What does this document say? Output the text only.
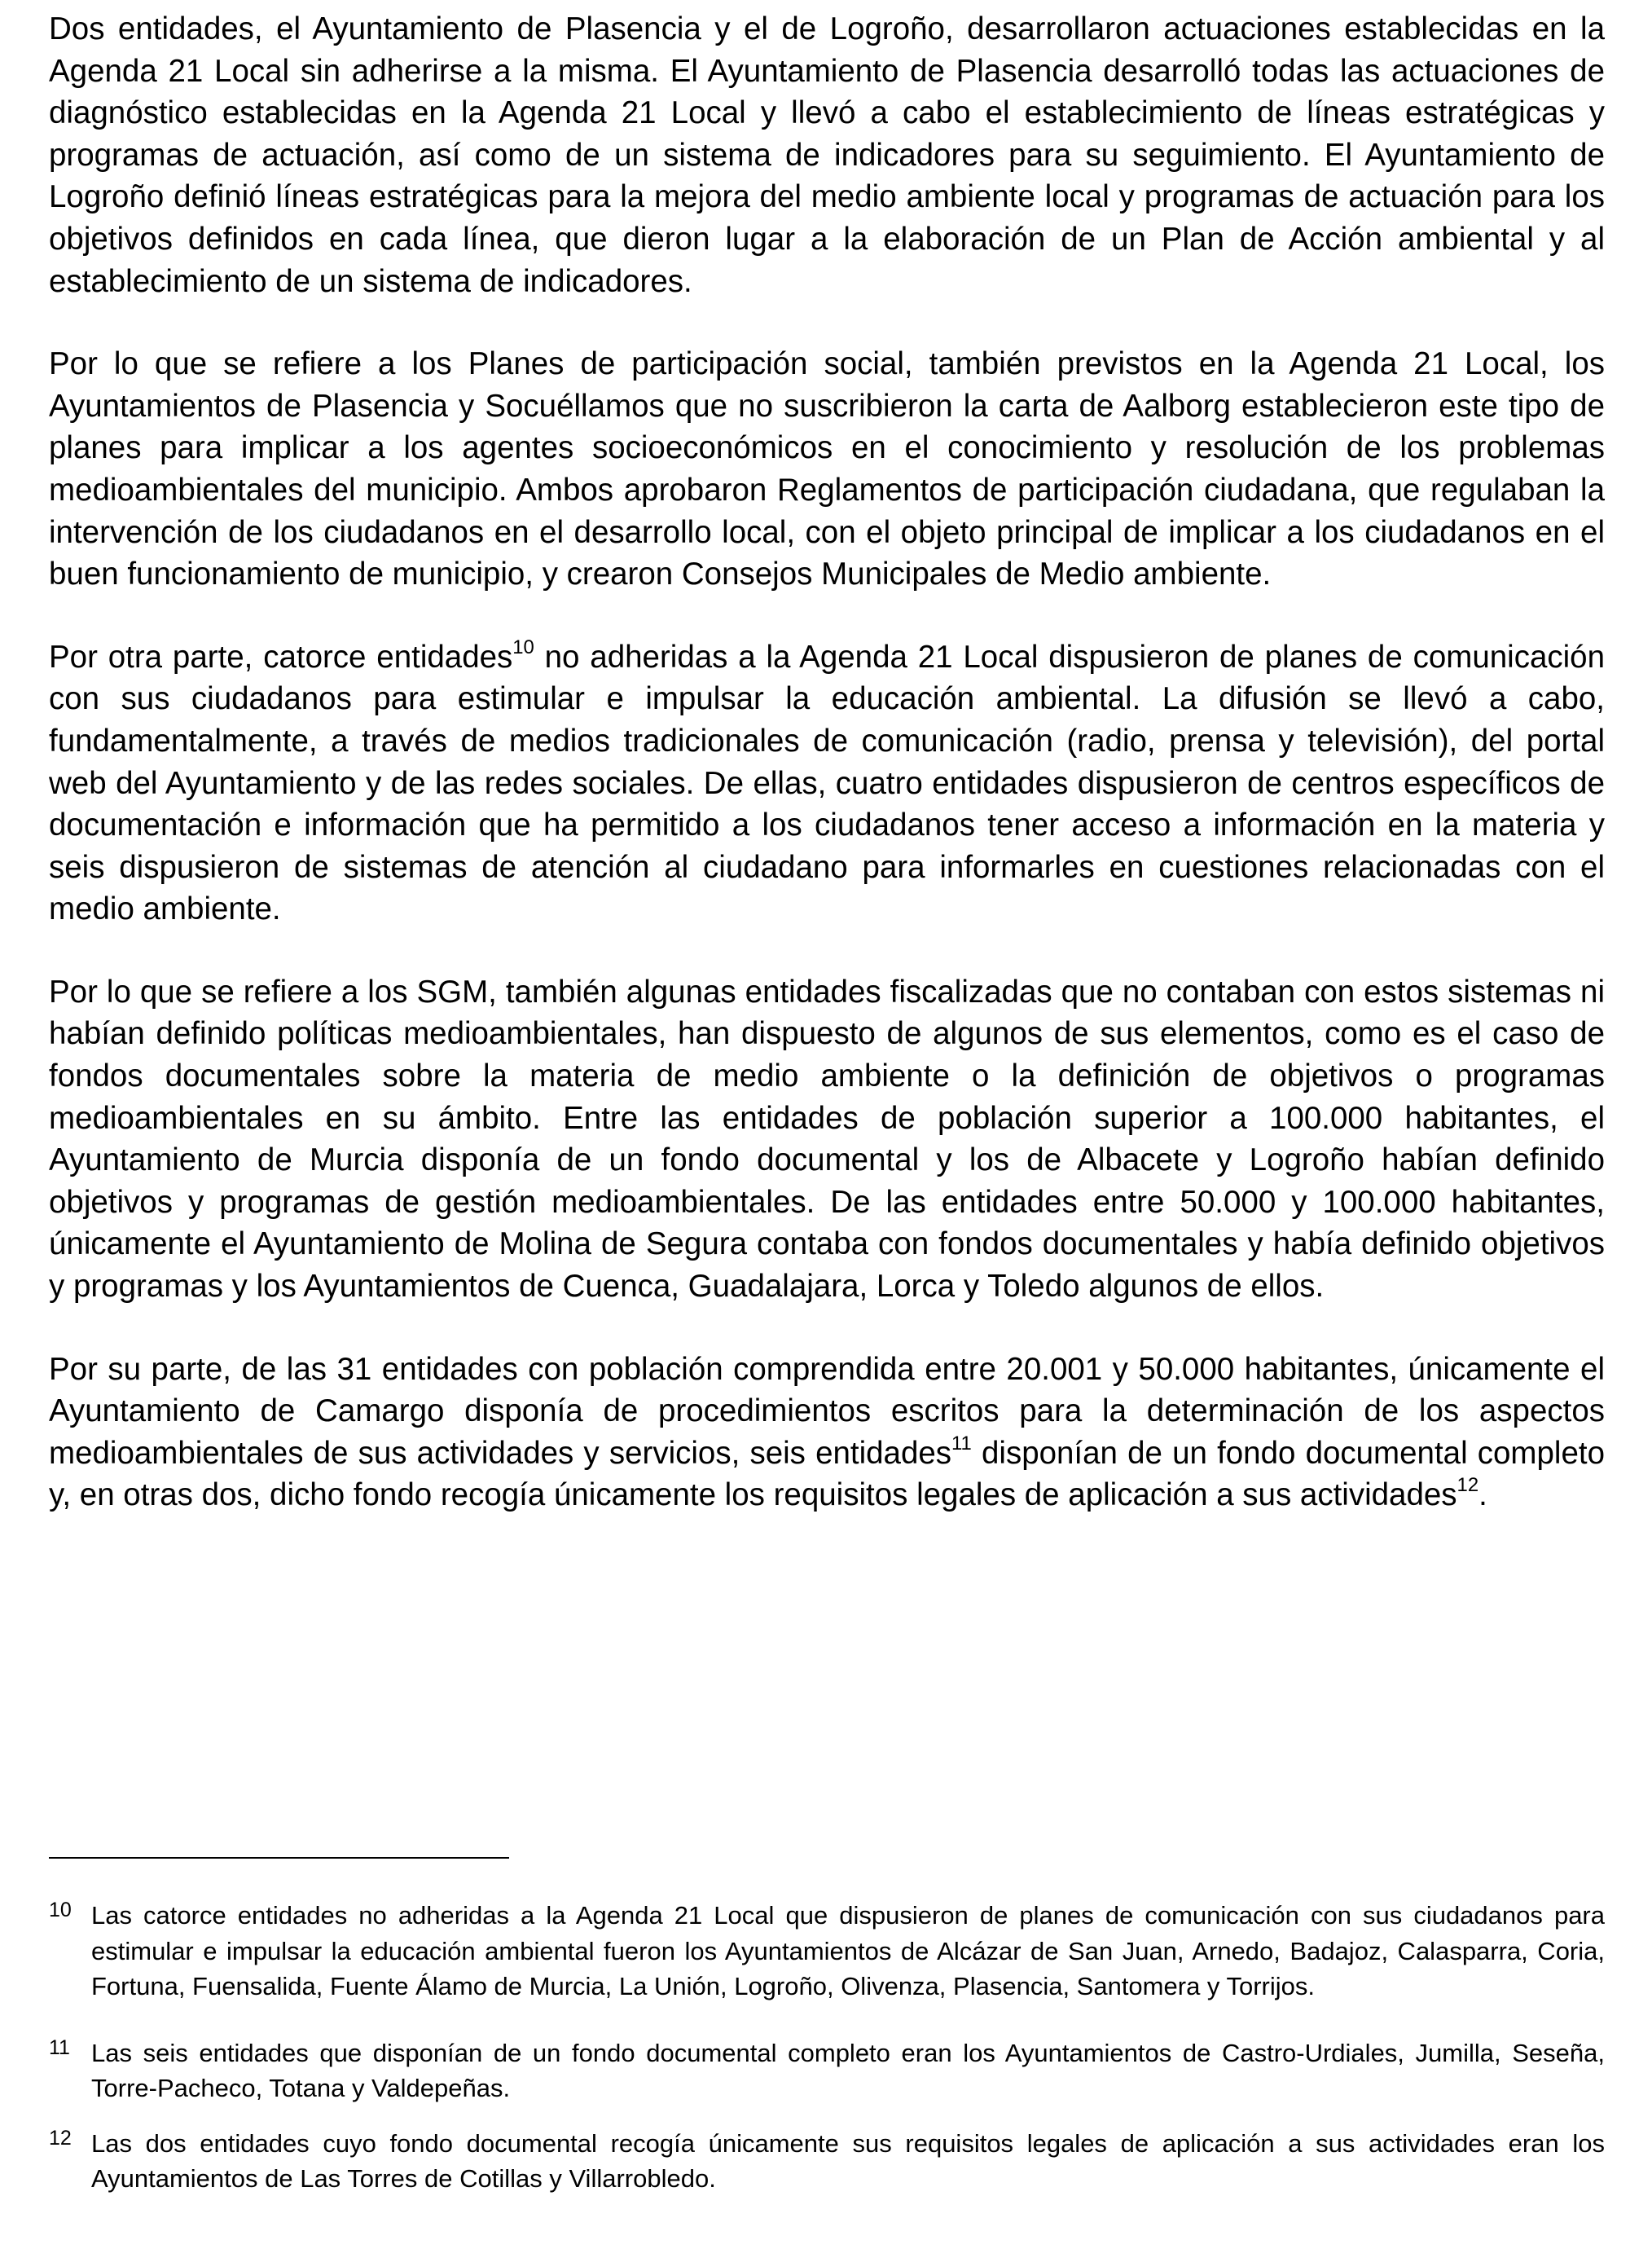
Dos entidades, el Ayuntamiento de Plasencia y el de Logroño, desarrollaron actuaciones establecidas en la Agenda 21 Local sin adherirse a la misma. El Ayuntamiento de Plasencia desarrolló todas las actuaciones de diagnóstico establecidas en la Agenda 21 Local y llevó a cabo el establecimiento de líneas estratégicas y programas de actuación, así como de un sistema de indicadores para su seguimiento. El Ayuntamiento de Logroño definió líneas estratégicas para la mejora del medio ambiente local y programas de actuación para los objetivos definidos en cada línea, que dieron lugar a la elaboración de un Plan de Acción ambiental y al establecimiento de un sistema de indicadores.

Por lo que se refiere a los Planes de participación social, también previstos en la Agenda 21 Local, los Ayuntamientos de Plasencia y Socuéllamos que no suscribieron la carta de Aalborg establecieron este tipo de planes para implicar a los agentes socioeconómicos en el conocimiento y resolución de los problemas medioambientales del municipio. Ambos aprobaron Reglamentos de participación ciudadana, que regulaban la intervención de los ciudadanos en el desarrollo local, con el objeto principal de implicar a los ciudadanos en el buen funcionamiento de municipio, y crearon Consejos Municipales de Medio ambiente.

Por otra parte, catorce entidades$^{10}$ no adheridas a la Agenda 21 Local dispusieron de planes de comunicación con sus ciudadanos para estimular e impulsar la educación ambiental. La difusión se llevó a cabo, fundamentalmente, a través de medios tradicionales de comunicación (radio, prensa y televisión), del portal web del Ayuntamiento y de las redes sociales. De ellas, cuatro entidades dispusieron de centros específicos de documentación e información que ha permitido a los ciudadanos tener acceso a información en la materia y seis dispusieron de sistemas de atención al ciudadano para informarles en cuestiones relacionadas con el medio ambiente.

Por lo que se refiere a los SGM, también algunas entidades fiscalizadas que no contaban con estos sistemas ni habían definido políticas medioambientales, han dispuesto de algunos de sus elementos, como es el caso de fondos documentales sobre la materia de medio ambiente o la definición de objetivos o programas medioambientales en su ámbito. Entre las entidades de población superior a 100.000 habitantes, el Ayuntamiento de Murcia disponía de un fondo documental y los de Albacete y Logroño habían definido objetivos y programas de gestión medioambientales. De las entidades entre 50.000 y 100.000 habitantes, únicamente el Ayuntamiento de Molina de Segura contaba con fondos documentales y había definido objetivos y programas y los Ayuntamientos de Cuenca, Guadalajara, Lorca y Toledo algunos de ellos.

Por su parte, de las 31 entidades con población comprendida entre 20.001 y 50.000 habitantes, únicamente el Ayuntamiento de Camargo disponía de procedimientos escritos para la determinación de los aspectos medioambientales de sus actividades y servicios, seis entidades$^{11}$ disponían de un fondo documental completo y, en otras dos, dicho fondo recogía únicamente los requisitos legales de aplicación a sus actividades$^{12}$.

10 Las catorce entidades no adheridas a la Agenda 21 Local que dispusieron de planes de comunicación con sus ciudadanos para estimular e impulsar la educación ambiental fueron los Ayuntamientos de Alcázar de San Juan, Arnedo, Badajoz, Calasparra, Coria, Fortuna, Fuensalida, Fuente Álamo de Murcia, La Unión, Logroño, Olivenza, Plasencia, Santomera y Torrijos.
11 Las seis entidades que disponían de un fondo documental completo eran los Ayuntamientos de Castro-Urdiales, Jumilla, Seseña, Torre-Pacheco, Totana y Valdepeñas.
12 Las dos entidades cuyo fondo documental recogía únicamente sus requisitos legales de aplicación a sus actividades eran los Ayuntamientos de Las Torres de Cotillas y Villarrobledo.
